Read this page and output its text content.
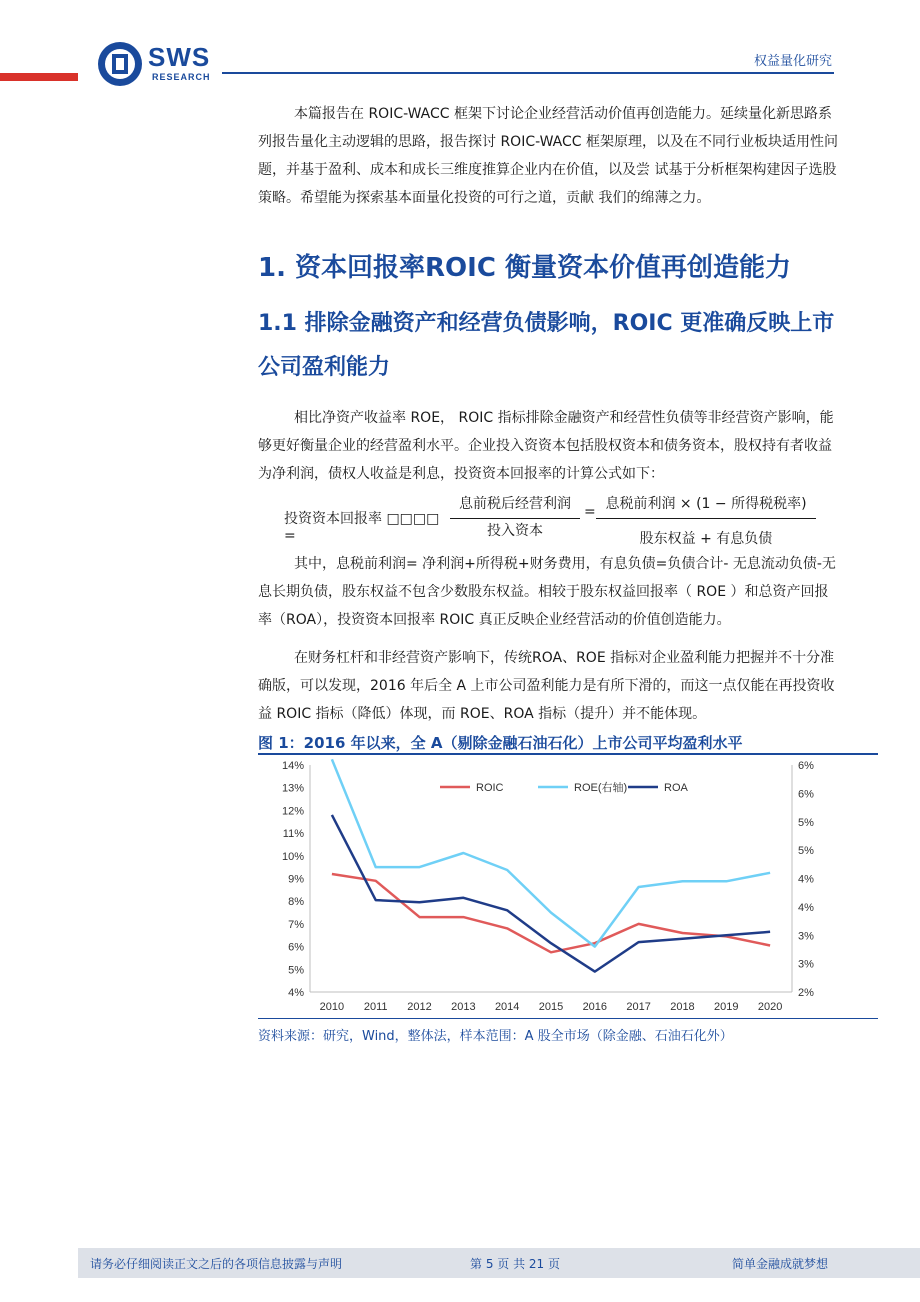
SWS
RESEARCH
权益量化研究

本篇报告在 ROIC-WACC 框架下讨论企业经营活动价值再创造能力。延续量化新思路系列报告量化主动逻辑的思路，报告探讨 ROIC-WACC 框架原理，以及在不同行业板块适用性问题，并基于盈利、成本和成长三维度推算企业内在价值，以及尝 试基于分析框架构建因子选股策略。希望能为探索基本面量化投资的可行之道，贡献 我们的绵薄之力。

1. 资本回报率ROIC 衡量资本价值再创造能力
1.1 排除金融资产和经营负债影响，ROIC 更准确反映上市公司盈利能力

相比净资产收益率 ROE， ROIC 指标排除金融资产和经营性负债等非经营资产影响，能够更好衡量企业的经营盈利水平。企业投入资资本包括股权资本和债务资本，股权持有者收益为净利润，债权人收益是利息，投资资本回报率的计算公式如下：

投资资本回报率 □□□□
=
息前税后经营利润
投入资本
= 息税前利润 × (1 − 所得税税率)
股东权益 + 有息负债

其中，息税前利润= 净利润+所得税+财务费用，有息负债=负债合计- 无息流动负债-无息长期负债，股东权益不包含少数股东权益。相较于股东权益回报率（ ROE ）和总资产回报率（ROA），投资资本回报率 ROIC 真正反映企业经营活动的价值创造能力。

在财务杠杆和非经营资产影响下，传统ROA、ROE 指标对企业盈利能力把握并不十分准确版，可以发现，2016 年后全 A 上市公司盈利能力是有所下滑的，而这一点仅能在再投资收益 ROIC 指标（降低）体现，而 ROE、ROA 指标（提升）并不能体现。

图 1：2016 年以来，全 A（剔除金融石油石化）上市公司平均盈利水平

4%
5%
6%
7%
8%
9%
10%
11%
12%
13%
14%
2%
3%
3%
4%
4%
5%
5%
6%
6%
2010 2011 2012 2013 2014 2015 2016 2017 2018 2019 2020
ROIC	ROE(右轴)	ROA

资料来源：研究，Wind，整体法，样本范围：A 股全市场（除金融、石油石化外）

请务必仔细阅读正文之后的各项信息披露与声明	第 5 页 共 21 页	简单金融成就梦想
